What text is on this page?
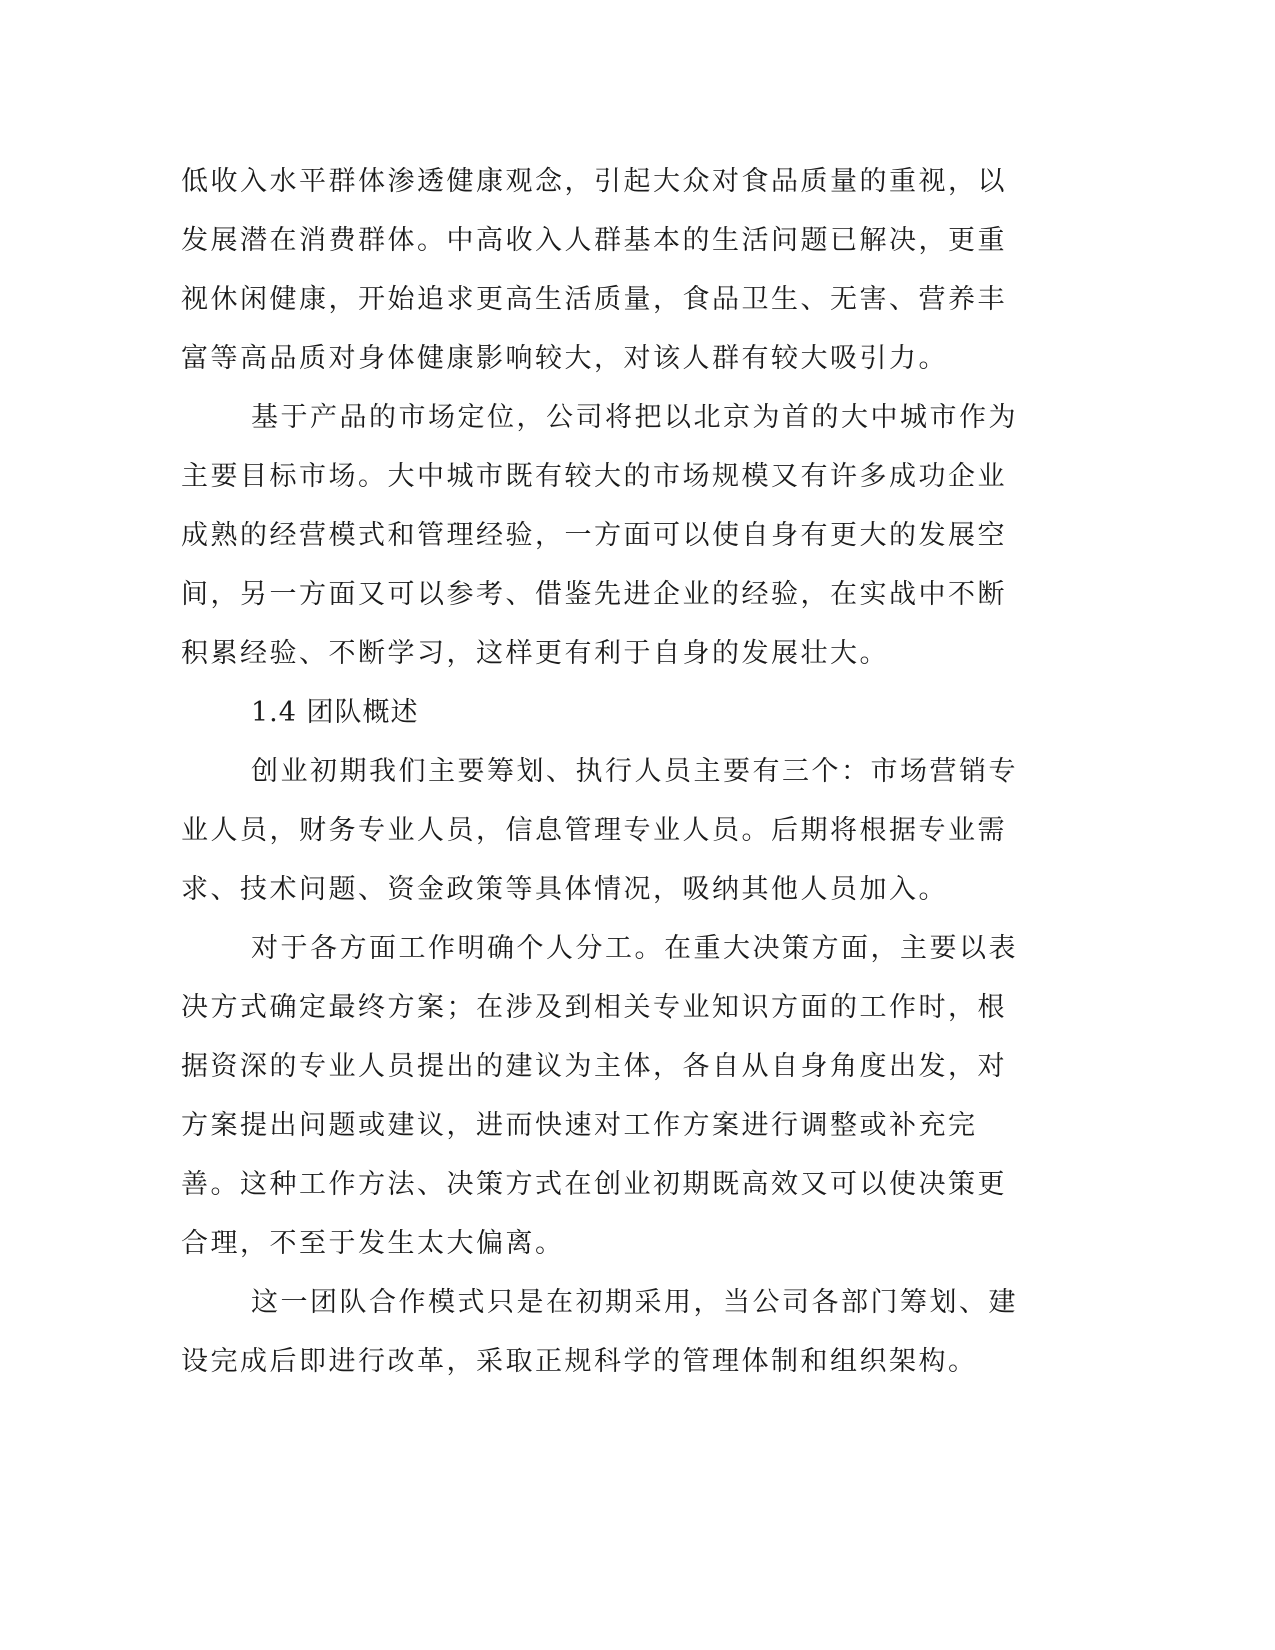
低收入水平群体渗透健康观念，引起大众对食品质量的重视，以发展潜在消费群体。中高收入人群基本的生活问题已解决，更重视休闲健康，开始追求更高生活质量，食品卫生、无害、营养丰富等高品质对身体健康影响较大，对该人群有较大吸引力。

基于产品的市场定位，公司将把以北京为首的大中城市作为主要目标市场。大中城市既有较大的市场规模又有许多成功企业成熟的经营模式和管理经验，一方面可以使自身有更大的发展空间，另一方面又可以参考、借鉴先进企业的经验，在实战中不断积累经验、不断学习，这样更有利于自身的发展壮大。

1.4 团队概述

创业初期我们主要筹划、执行人员主要有三个：市场营销专业人员，财务专业人员，信息管理专业人员。后期将根据专业需求、技术问题、资金政策等具体情况，吸纳其他人员加入。

对于各方面工作明确个人分工。在重大决策方面，主要以表决方式确定最终方案；在涉及到相关专业知识方面的工作时，根据资深的专业人员提出的建议为主体，各自从自身角度出发，对方案提出问题或建议，进而快速对工作方案进行调整或补充完善。这种工作方法、决策方式在创业初期既高效又可以使决策更合理，不至于发生太大偏离。

这一团队合作模式只是在初期采用，当公司各部门筹划、建设完成后即进行改革，采取正规科学的管理体制和组织架构。
